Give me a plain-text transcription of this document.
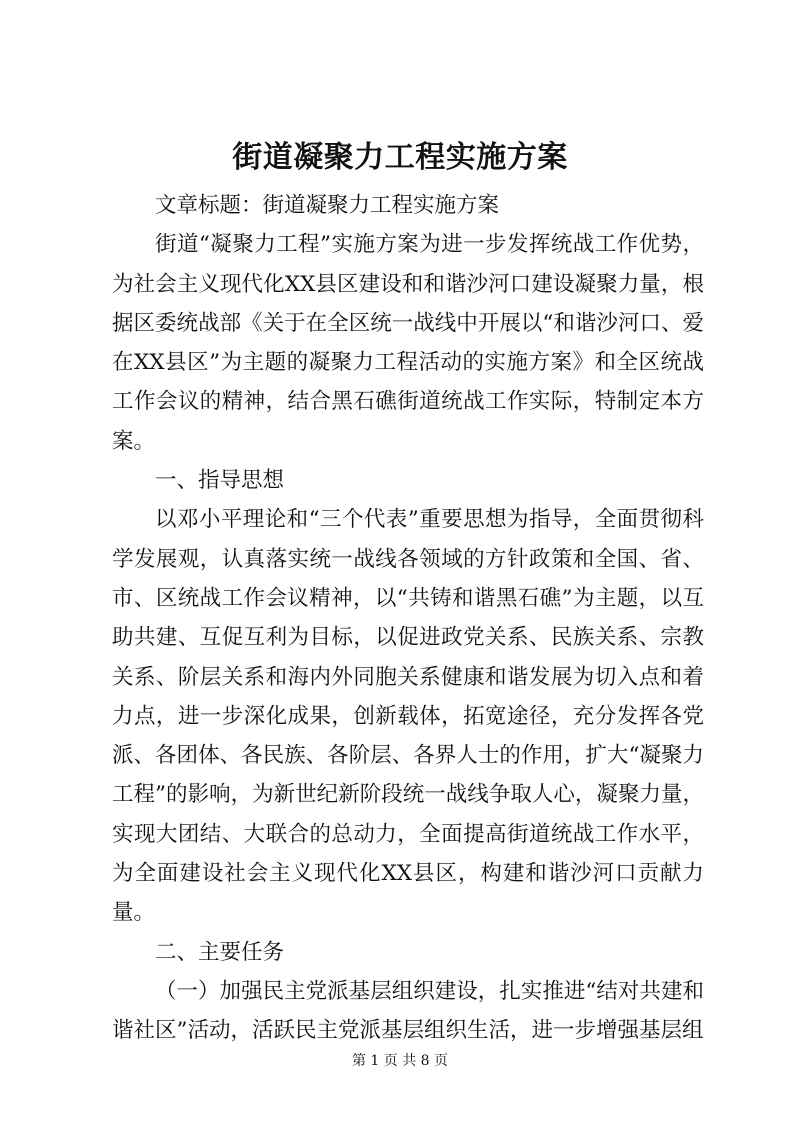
街道凝聚力工程实施方案

文章标题：街道凝聚力工程实施方案

街道“凝聚力工程”实施方案为进一步发挥统战工作优势，为社会主义现代化XX县区建设和和谐沙河口建设凝聚力量，根据区委统战部《关于在全区统一战线中开展以“和谐沙河口、爱在XX县区”为主题的凝聚力工程活动的实施方案》和全区统战工作会议的精神，结合黑石礁街道统战工作实际，特制定本方案。

一、指导思想

以邓小平理论和“三个代表”重要思想为指导，全面贯彻科学发展观，认真落实统一战线各领域的方针政策和全国、省、市、区统战工作会议精神，以“共铸和谐黑石礁”为主题，以互助共建、互促互利为目标，以促进政党关系、民族关系、宗教关系、阶层关系和海内外同胞关系健康和谐发展为切入点和着力点，进一步深化成果，创新载体，拓宽途径，充分发挥各党派、各团体、各民族、各阶层、各界人士的作用，扩大“凝聚力工程”的影响，为新世纪新阶段统一战线争取人心，凝聚力量，实现大团结、大联合的总动力，全面提高街道统战工作水平，为全面建设社会主义现代化XX县区，构建和谐沙河口贡献力量。

二、主要任务

（一）加强民主党派基层组织建设，扎实推进“结对共建和谐社区”活动，活跃民主党派基层组织生活，进一步增强基层组

第 1 页 共 8 页
